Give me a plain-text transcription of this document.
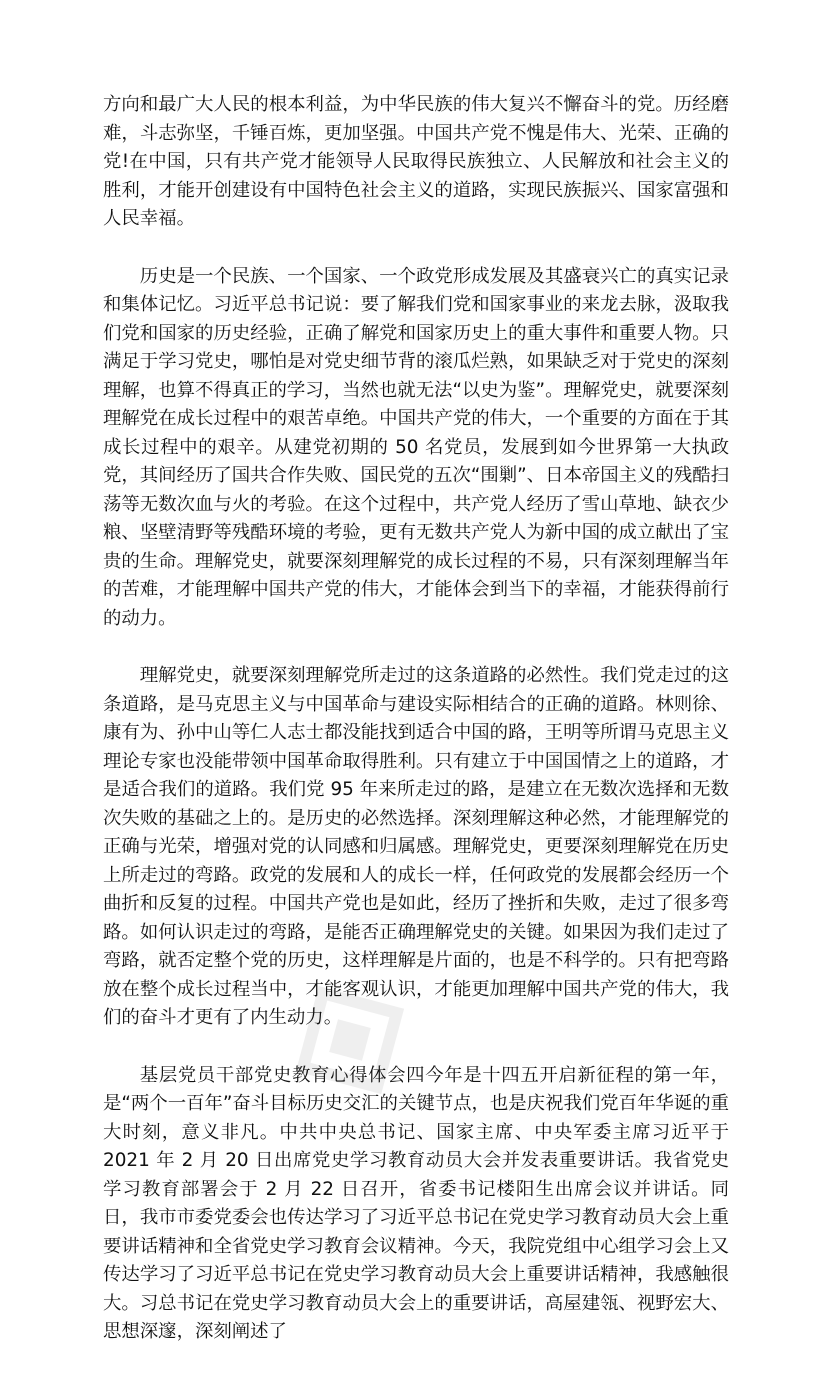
方向和最广大人民的根本利益，为中华民族的伟大复兴不懈奋斗的党。历经磨难，斗志弥坚，千锤百炼，更加坚强。中国共产党不愧是伟大、光荣、正确的党!在中国，只有共产党才能领导人民取得民族独立、人民解放和社会主义的胜利，才能开创建设有中国特色社会主义的道路，实现民族振兴、国家富强和人民幸福。

历史是一个民族、一个国家、一个政党形成发展及其盛衰兴亡的真实记录和集体记忆。习近平总书记说：要了解我们党和国家事业的来龙去脉，汲取我们党和国家的历史经验，正确了解党和国家历史上的重大事件和重要人物。只满足于学习党史，哪怕是对党史细节背的滚瓜烂熟，如果缺乏对于党史的深刻理解，也算不得真正的学习，当然也就无法“以史为鉴”。理解党史，就要深刻理解党在成长过程中的艰苦卓绝。中国共产党的伟大，一个重要的方面在于其成长过程中的艰辛。从建党初期的 50 名党员，发展到如今世界第一大执政党，其间经历了国共合作失败、国民党的五次“围剿”、日本帝国主义的残酷扫荡等无数次血与火的考验。在这个过程中，共产党人经历了雪山草地、缺衣少粮、坚壁清野等残酷环境的考验，更有无数共产党人为新中国的成立献出了宝贵的生命。理解党史，就要深刻理解党的成长过程的不易，只有深刻理解当年的苦难，才能理解中国共产党的伟大，才能体会到当下的幸福，才能获得前行的动力。

理解党史，就要深刻理解党所走过的这条道路的必然性。我们党走过的这条道路，是马克思主义与中国革命与建设实际相结合的正确的道路。林则徐、康有为、孙中山等仁人志士都没能找到适合中国的路，王明等所谓马克思主义理论专家也没能带领中国革命取得胜利。只有建立于中国国情之上的道路，才是适合我们的道路。我们党 95 年来所走过的路，是建立在无数次选择和无数次失败的基础之上的。是历史的必然选择。深刻理解这种必然，才能理解党的正确与光荣，增强对党的认同感和归属感。理解党史，更要深刻理解党在历史上所走过的弯路。政党的发展和人的成长一样，任何政党的发展都会经历一个曲折和反复的过程。中国共产党也是如此，经历了挫折和失败，走过了很多弯路。如何认识走过的弯路，是能否正确理解党史的关键。如果因为我们走过了弯路，就否定整个党的历史，这样理解是片面的，也是不科学的。只有把弯路放在整个成长过程当中，才能客观认识，才能更加理解中国共产党的伟大，我们的奋斗才更有了内生动力。

基层党员干部党史教育心得体会四今年是十四五开启新征程的第一年，是“两个一百年”奋斗目标历史交汇的关键节点，也是庆祝我们党百年华诞的重大时刻，意义非凡。中共中央总书记、国家主席、中央军委主席习近平于 2021 年 2 月 20 日出席党史学习教育动员大会并发表重要讲话。我省党史学习教育部署会于 2 月 22 日召开，省委书记楼阳生出席会议并讲话。同日，我市市委党委会也传达学习了习近平总书记在党史学习教育动员大会上重要讲话精神和全省党史学习教育会议精神。今天，我院党组中心组学习会上又传达学习了习近平总书记在党史学习教育动员大会上重要讲话精神，我感触很大。习总书记在党史学习教育动员大会上的重要讲话，高屋建瓴、视野宏大、思想深邃，深刻阐述了
